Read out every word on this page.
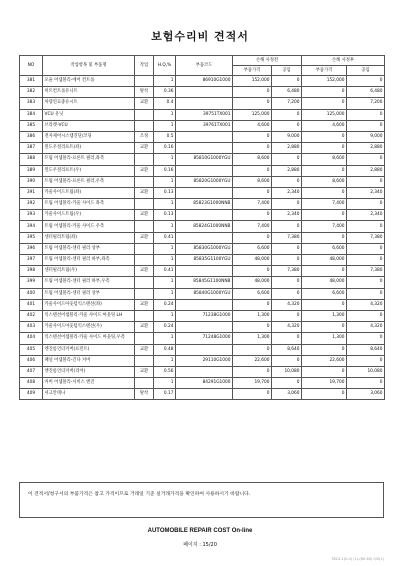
보험수리비 견적서
NO	작업항목 및 부품명	작업	H.Q,%	부품코드	손해 사정전		손해 사정후	
					부품가격	공임	부품가격	공임
381	모듈 어셈블리-에어 컨트롤		1	86910G1000	152,000	0	152,000	0
382	히트컨트롤유니트	탈착	0.36		0	6,480	0	6,480
383	차량연료충유시트	교환	0.4		0	7,200	0	7,200
384	VCU 유닛		1	39751TX001	125,000	0	125,000	0
385	브라켓-VCU		1	39761TX001	4,600	0	4,600	0
386	전자제어시스템진단/코딩	조정	0.5		0	9,000	0	9,000
387	윈도우절리프트(좌)	교환	0.16		0	2,880	0	2,880
388	트림 어셈블리-프론트 필러,좌측		1	85810G1000YGU	8,600	0	8,600	0
389	윈도우절리프트(우)	교환	0.16		0	2,880	0	2,880
390	트림 어셈블리-프론트 필러,우측		1	85820G1000YGU	8,600	0	8,600	0
391	카울사이드트림(좌)	교환	0.13		0	2,340	0	2,340
392	트림 어셈블리-카울 사이드 좌측		1	85823G1000NNB	7,400	0	7,400	0
393	카울사이드트림(우)	교환	0.13		0	2,340	0	2,340
394	트림 어셈블리-카울 사이드 우측		1	85824G1000NNB	7,400	0	7,400	0
395	센터필러트림(좌)	교환	0.41		0	7,380	0	7,380
396	트림 어셈블리-센터 필러 상부		1	85830G1000YGU	6,600	0	6,600	0
397	트림 어셈블리-센터 필러 하부,좌측		1	85835G1100YGU	48,000	0	48,000	0
398	센터필러트림(우)	교환	0.41		0	7,380	0	7,380
399	트림 어셈블리-센터 필러 하부,우측		1	85845G1100NNB	48,000	0	48,000	0
400	트림 어셈블리-센터 필러 상부		1	85840G1000YGU	6,600	0	6,600	0
401	카울사이드아웃텀익스텐션(좌)	교환	0.24		0	4,320	0	4,320
402	익스텐션어셈블리-카울 사이드 아웃팅 LH		1	71238G1000	1,300	0	1,300	0
403	카울사이드아웃텀익스텐션(우)	교환	0.24		0	4,320	0	4,320
404	익스텐션어셈블리-카울 사이드 아웃팅,우측		1	71248G1000	1,300	0	1,300	0
405	엔진룸언더커버(프런트)	교환	0.48		0	8,640	0	8,640
406	패널 어셈블리-긴다 커버		1	29110G1000	22,600	0	22,600	0
407	엔진룸언더커버(리어)	교환	0.56		0	10,080	0	10,080
408	커버 어셈블리-서비스 엔진		1	84291G1000	19,700	0	19,700	0
409	셔크안테나	탈착	0.17		0	3,060	0	3,060
이 견적서/청구서의 부품가격은 참고 가격이므로 거래일 기준 실거래가격을 확인하여 사용하시기 바랍니다.
AUTOMOBILE REPAIR COST On-line
페이지 : 15/20
7824-1(0-0) (1)-(60-60) 0/0(1)
